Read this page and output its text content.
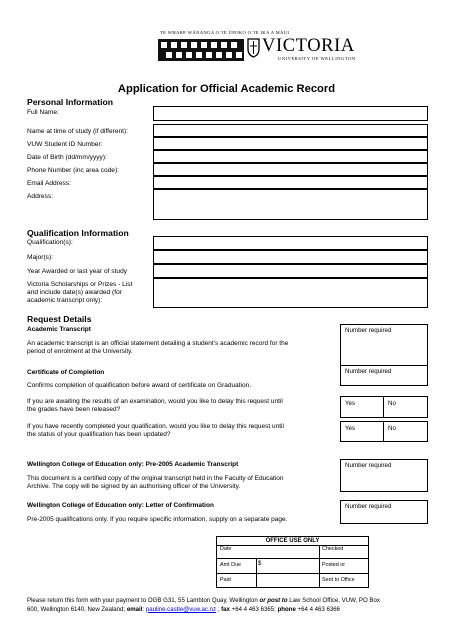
TE WHARE WĀNANGA O TE ŪPOKO O TE IKA A MĀUI
VICTORIA
UNIVERSITY OF WELLINGTON
Application for Official Academic Record
Personal Information
Full Name:
Name at time of study (if different):
VUW Student ID Number:
Date of Birth (dd/mm/yyyy):
Phone Number (inc area code):
Email Address:
Address:
Qualification Information
Qualification(s):
Major(s):
Year Awarded or last year of study
Victoria Scholarships or Prizes - List
and include date(s) awarded (for
academic transcript only):
Request Details
Academic Transcript
An academic transcript is an official statement detailing a student’s academic record for the
period of enrolment at the University.
Number required
Certificate of Completion
Confirms completion of qualification before award of certificate on Graduation.
Number required
If you are awaiting the results of an examination, would you like to delay this request until
the grades have been released?
Yes	No
If you have recently completed your qualification, would you like to delay this request until
the status of your qualification has been updated?
Yes	No
Wellington College of Education only: Pre-2005 Academic Transcript
This document is a certified copy of the original transcript held in the Faculty of Education
Archive. The copy will be signed by an authorising officer of the University.
Number required
Wellington College of Education only: Letter of Confirmation
Pre-2005 qualifications only. If you require specific information, supply on a separate page.
Number required
OFFICE USE ONLY
Date	Checked
Amt Due	$	Posted or
Paid	Sent to Office
Please return this form with your payment to OGB G31, 55 Lambton Quay, Wellington or post to Law School Office, VUW, PO Box
600, Wellington 6140, New Zealand; email: pauline.castle@vuw.ac.nz ; fax +64 4 463 6365; phone +64 4 463 6366
